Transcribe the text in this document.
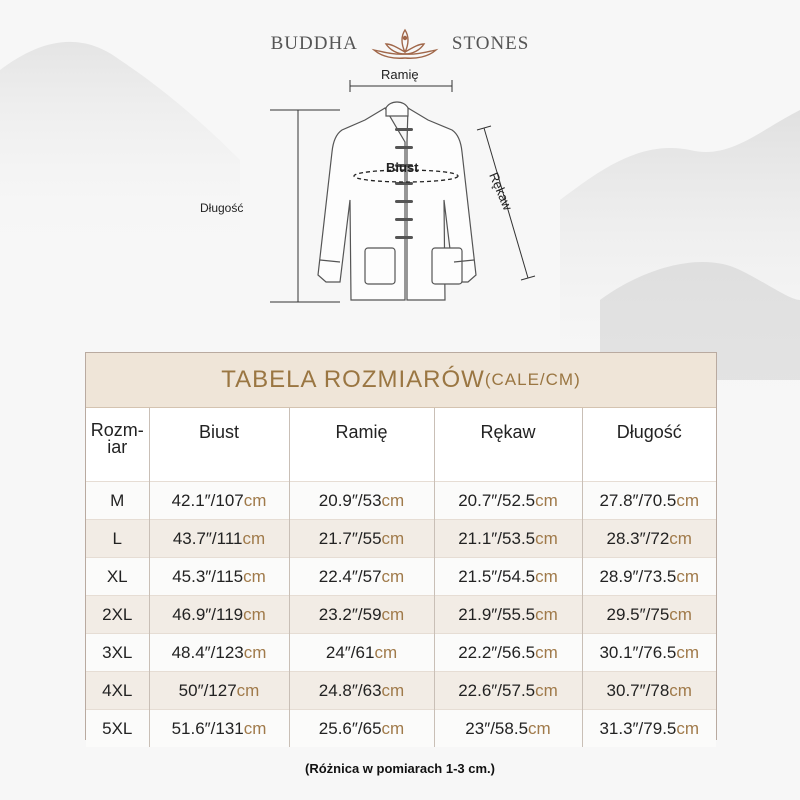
BUDDHA	STONES
Ramię
Biust
Długość	Rękaw
TABELA ROZMIARÓW (CALE/CM)
Rozm-iar	Biust	Ramię	Rękaw	Długość
M	42.1″/107cm	20.9″/53cm	20.7″/52.5cm	27.8″/70.5cm
L	43.7″/111cm	21.7″/55cm	21.1″/53.5cm	28.3″/72cm
XL	45.3″/115cm	22.4″/57cm	21.5″/54.5cm	28.9″/73.5cm
2XL	46.9″/119cm	23.2″/59cm	21.9″/55.5cm	29.5″/75cm
3XL	48.4″/123cm	24″/61cm	22.2″/56.5cm	30.1″/76.5cm
4XL	50″/127cm	24.8″/63cm	22.6″/57.5cm	30.7″/78cm
5XL	51.6″/131cm	25.6″/65cm	23″/58.5cm	31.3″/79.5cm
(Różnica w pomiarach 1-3 cm.)
